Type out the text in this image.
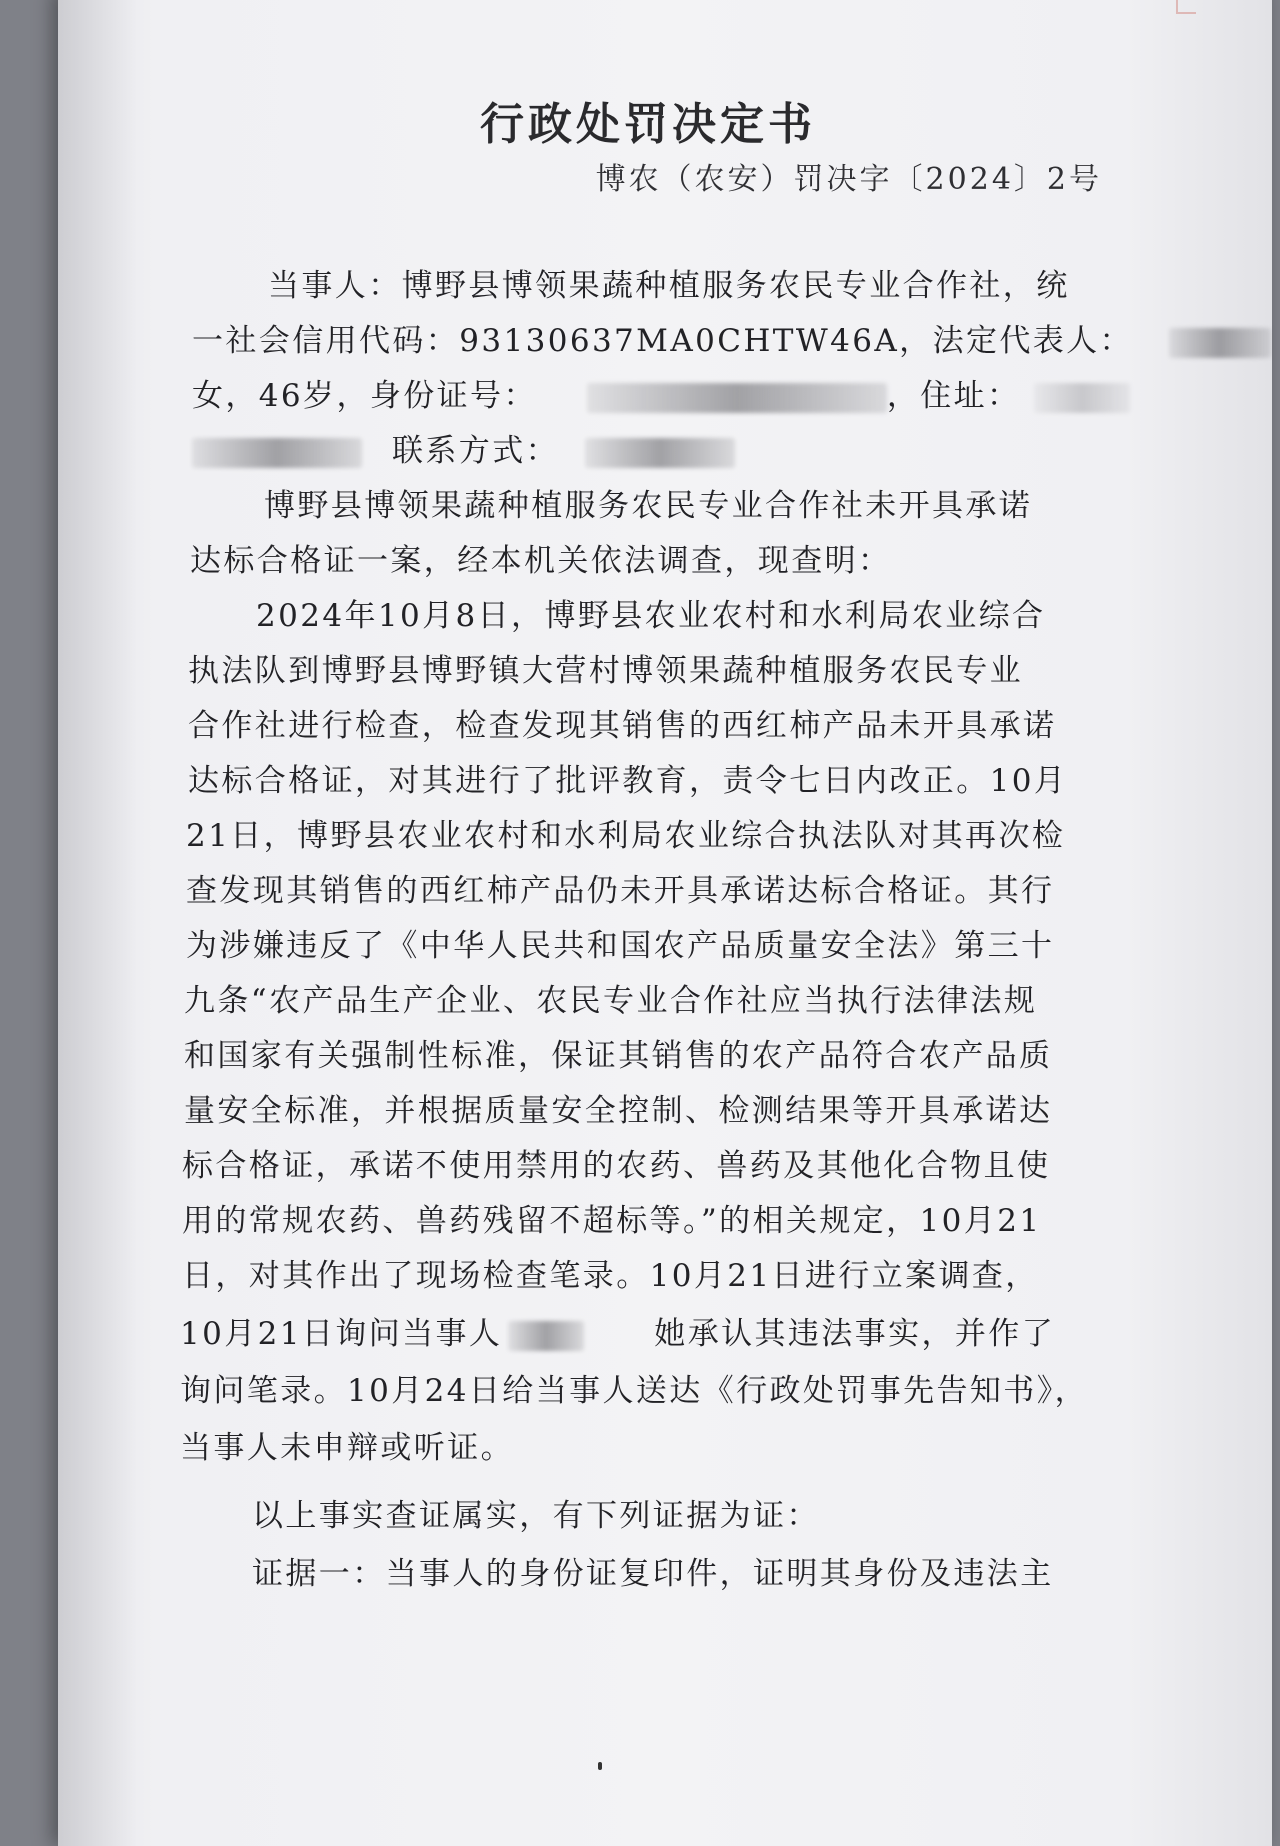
行政处罚决定书
博农（农安）罚决字〔2024〕2号
当事人：博野县博领果蔬种植服务农民专业合作社，统
一社会信用代码：93130637MA0CHTW46A，法定代表人：
女，46岁，身份证号：	，住址：
联系方式：
博野县博领果蔬种植服务农民专业合作社未开具承诺
达标合格证一案，经本机关依法调查，现查明：
2024年10月8日，博野县农业农村和水利局农业综合
执法队到博野县博野镇大营村博领果蔬种植服务农民专业
合作社进行检查，检查发现其销售的西红柿产品未开具承诺
达标合格证，对其进行了批评教育，责令七日内改正。10月
21日，博野县农业农村和水利局农业综合执法队对其再次检
查发现其销售的西红柿产品仍未开具承诺达标合格证。其行
为涉嫌违反了《中华人民共和国农产品质量安全法》第三十
九条“农产品生产企业、农民专业合作社应当执行法律法规
和国家有关强制性标准，保证其销售的农产品符合农产品质
量安全标准，并根据质量安全控制、检测结果等开具承诺达
标合格证，承诺不使用禁用的农药、兽药及其他化合物且使
用的常规农药、兽药残留不超标等。”的相关规定，10月21
日，对其作出了现场检查笔录。10月21日进行立案调查，
10月21日询问当事人	她承认其违法事实，并作了
询问笔录。10月24日给当事人送达《行政处罚事先告知书》，
当事人未申辩或听证。
以上事实查证属实，有下列证据为证：
证据一：当事人的身份证复印件，证明其身份及违法主
